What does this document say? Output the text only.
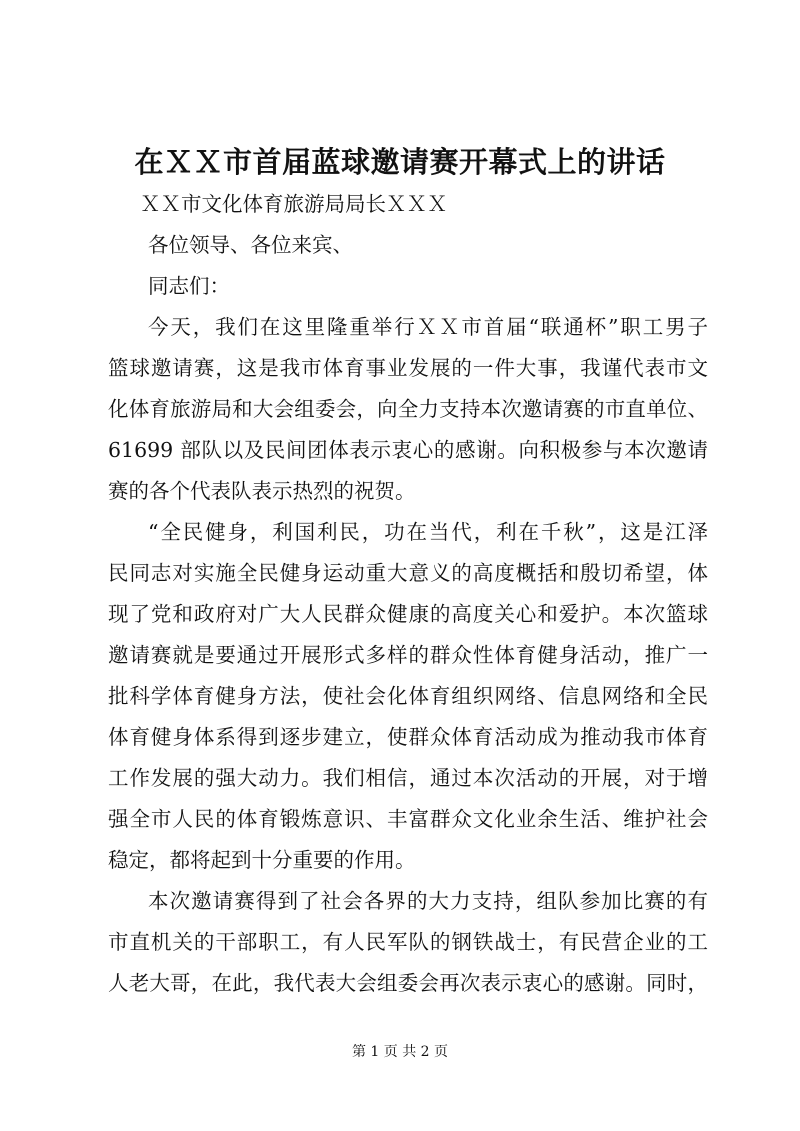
在ＸＸ市首届蓝球邀请赛开幕式上的讲话
ＸＸ市文化体育旅游局局长ＸＸＸ
各位领导、各位来宾、
同志们：
今天，我们在这里隆重举行ＸＸ市首届“联通杯”职工男子
篮球邀请赛，这是我市体育事业发展的一件大事，我谨代表市文
化体育旅游局和大会组委会，向全力支持本次邀请赛的市直单位、
61699 部队以及民间团体表示衷心的感谢。向积极参与本次邀请
赛的各个代表队表示热烈的祝贺。
“全民健身，利国利民，功在当代，利在千秋”，这是江泽
民同志对实施全民健身运动重大意义的高度概括和殷切希望，体
现了党和政府对广大人民群众健康的高度关心和爱护。本次篮球
邀请赛就是要通过开展形式多样的群众性体育健身活动，推广一
批科学体育健身方法，使社会化体育组织网络、信息网络和全民
体育健身体系得到逐步建立，使群众体育活动成为推动我市体育
工作发展的强大动力。我们相信，通过本次活动的开展，对于增
强全市人民的体育锻炼意识、丰富群众文化业余生活、维护社会
稳定，都将起到十分重要的作用。
本次邀请赛得到了社会各界的大力支持，组队参加比赛的有
市直机关的干部职工，有人民军队的钢铁战士，有民营企业的工
人老大哥，在此，我代表大会组委会再次表示衷心的感谢。同时，
第 1 页 共 2 页
